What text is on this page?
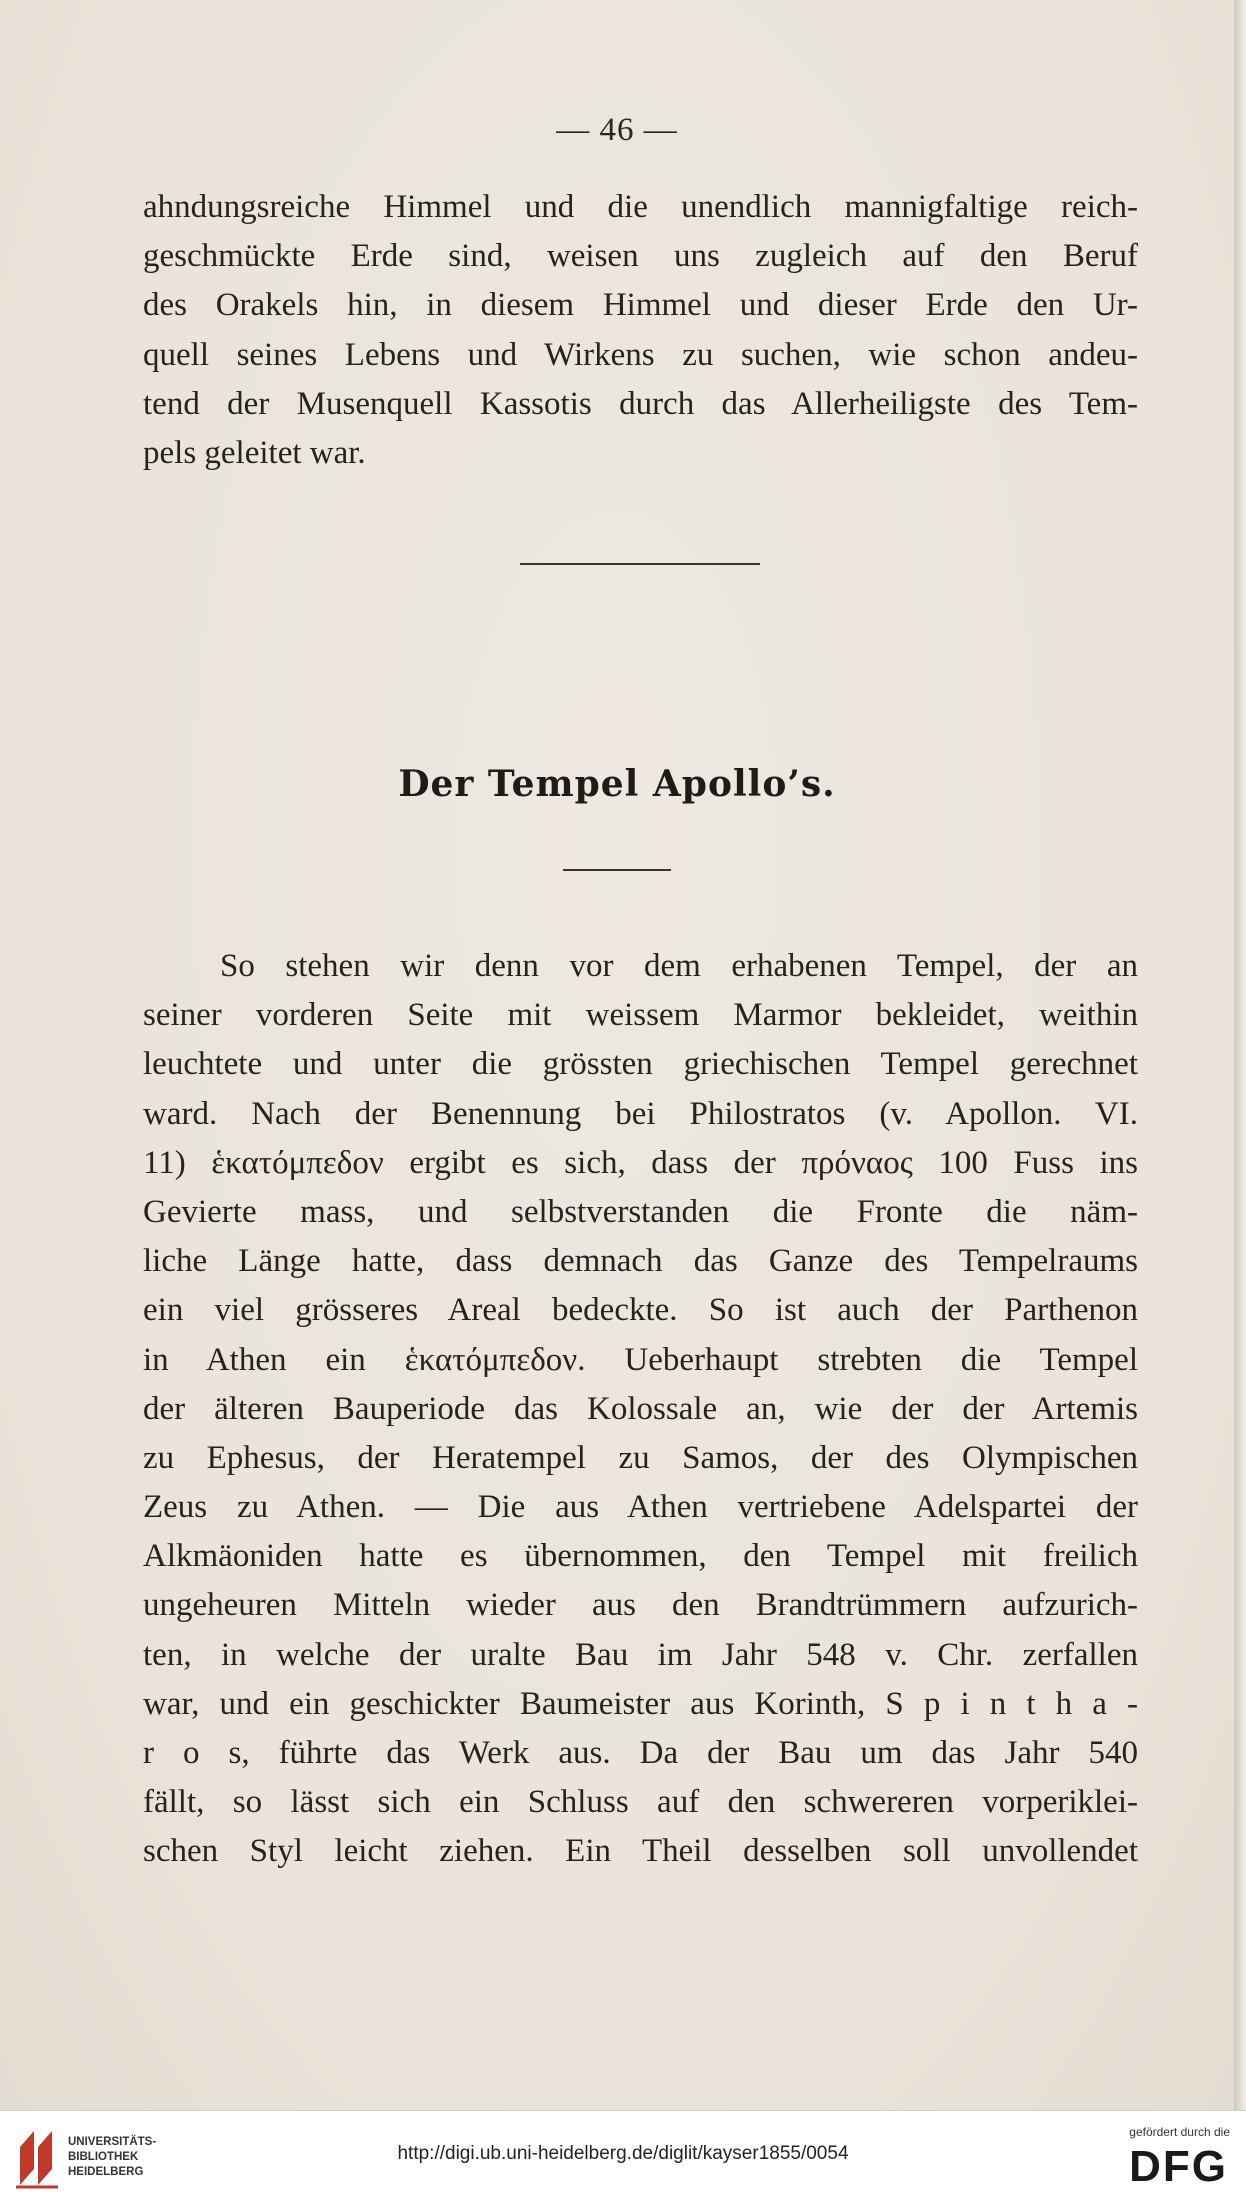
— 46 —
ahndungsreiche Himmel und die unendlich mannigfaltige reich-
geschmückte Erde sind, weisen uns zugleich auf den Beruf
des Orakels hin, in diesem Himmel und dieser Erde den Ur-
quell seines Lebens und Wirkens zu suchen, wie schon andeu-
tend der Musenquell Kassotis durch das Allerheiligste des Tem-
pels geleitet war.
Der Tempel Apollo’s.
So stehen wir denn vor dem erhabenen Tempel, der an
seiner vorderen Seite mit weissem Marmor bekleidet, weithin
leuchtete und unter die grössten griechischen Tempel gerechnet
ward. Nach der Benennung bei Philostratos (v. Apollon. VI.
11) ἑκατόμπεδον ergibt es sich, dass der πρόναος 100 Fuss ins
Gevierte mass, und selbstverstanden die Fronte die näm-
liche Länge hatte, dass demnach das Ganze des Tempelraums
ein viel grösseres Areal bedeckte. So ist auch der Parthenon
in Athen ein ἑκατόμπεδον. Ueberhaupt strebten die Tempel
der älteren Bauperiode das Kolossale an, wie der der Artemis
zu Ephesus, der Heratempel zu Samos, der des Olympischen
Zeus zu Athen. — Die aus Athen vertriebene Adelspartei der
Alkmäoniden hatte es übernommen, den Tempel mit freilich
ungeheuren Mitteln wieder aus den Brandtrümmern aufzurich-
ten, in welche der uralte Bau im Jahr 548 v. Chr. zerfallen
war, und ein geschickter Baumeister aus Korinth, S p i n t h a -
r o s, führte das Werk aus. Da der Bau um das Jahr 540
fällt, so lässt sich ein Schluss auf den schwereren vorperiklei-
schen Styl leicht ziehen. Ein Theil desselben soll unvollendet
UNIVERSITÄTS-
BIBLIOTHEK
HEIDELBERG
http://digi.ub.uni-heidelberg.de/diglit/kayser1855/0054
gefördert durch die
DFG
